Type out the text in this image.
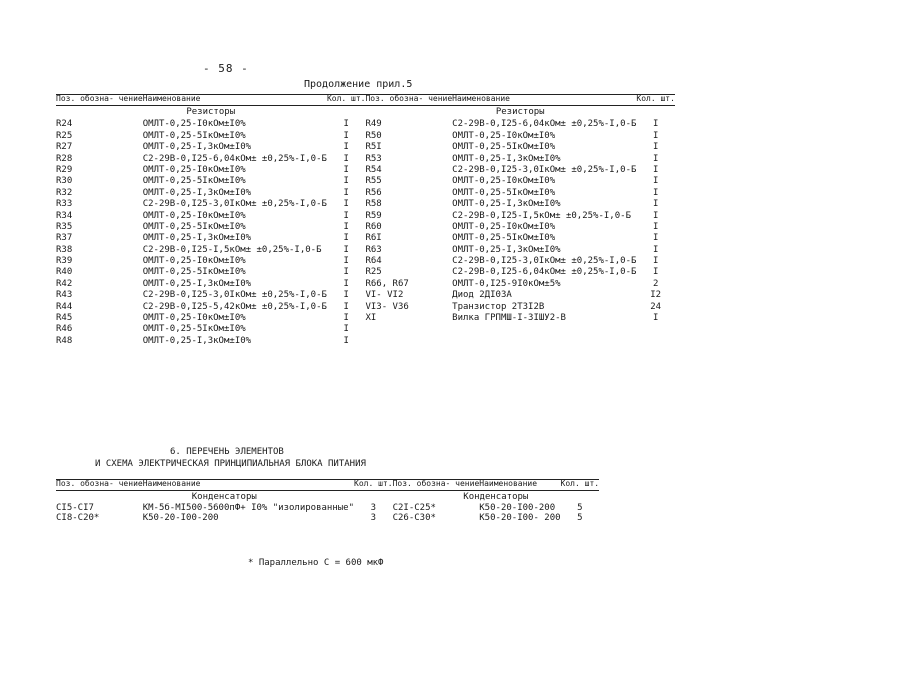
- 58 -
Продолжение прил.5
Поз. обозна- чение	Наименование	Кол. шт.	Поз. обозна- чение	Наименование	Кол. шт.
Резисторы			Резисторы		
R24	ОМЛТ-0,25-I0кОм±I0%	I	R49	С2-29В-0,I25-6,04кОм± ±0,25%-I,0-Б	I
R25	ОМЛТ-0,25-5IкОм±I0%	I	R50	ОМЛТ-0,25-I0кОм±I0%	I
R27	ОМЛТ-0,25-I,3кОм±I0%	I	R5I	ОМЛТ-0,25-5IкОм±I0%	I
R28	С2-29В-0,I25-6,04кОм± ±0,25%-I,0-Б	I	R53	ОМЛТ-0,25-I,3кОм±I0%	I
R29	ОМЛТ-0,25-I0кОм±I0%	I	R54	С2-29В-0,I25-3,0IкОм± ±0,25%-I,0-Б	I
R30	ОМЛТ-0,25-5IкОм±I0%	I	R55	ОМЛТ-0,25-I0кОм±I0%	I
R32	ОМЛТ-0,25-I,3кОм±I0%	I	R56	ОМЛТ-0,25-5IкОм±I0%	I
R33	С2-29В-0,I25-3,0IкОм± ±0,25%-I,0-Б	I	R58	ОМЛТ-0,25-I,3кОм±I0%	I
R34	ОМЛТ-0,25-I0кОм±I0%	I	R59	С2-29В-0,I25-I,5кОм± ±0,25%-I,0-Б	I
R35	ОМЛТ-0,25-5IкОм±I0%	I	R60	ОМЛТ-0,25-I0кОм±I0%	I
R37	ОМЛТ-0,25-I,3кОм±I0%	I	R6I	ОМЛТ-0,25-5IкОм±I0%	I
R38	С2-29В-0,I25-I,5кОм± ±0,25%-I,0-Б	I	R63	ОМЛТ-0,25-I,3кОм±I0%	I
R39	ОМЛТ-0,25-I0кОм±I0%	I	R64	С2-29В-0,I25-3,0IкОм± ±0,25%-I,0-Б	I
R40	ОМЛТ-0,25-5IкОм±I0%	I	R25	С2-29В-0,I25-6,04кОм± ±0,25%-I,0-Б	I
R42	ОМЛТ-0,25-I,3кОм±I0%	I	R66, R67	ОМЛТ-0,I25-9I0кОм±5%	2
R43	С2-29В-0,I25-3,0IкОм± ±0,25%-I,0-Б	I	VI- VI2	Диод 2ДI03А	I2
R44	С2-29В-0,I25-5,42кОм± ±0,25%-I,0-Б	I	VI3- V36	Транзистор 2Т3I2В	24
R45	ОМЛТ-0,25-I0кОм±I0%	I	XI	Вилка ГРПМШ-I-3IШУ2-В	I
R46	ОМЛТ-0,25-5IкОм±I0%	I			
R48	ОМЛТ-0,25-I,3кОм±I0%	I			
6. ПЕРЕЧЕНЬ ЭЛЕМЕНТОВ
И СХЕМА ЭЛЕКТРИЧЕСКАЯ ПРИНЦИПИАЛЬНАЯ БЛОКА ПИТАНИЯ
Поз. обозна- чение	Наименование	Кол. шт.	Поз. обозна- чение	Наименование	Кол. шт.
Конденсаторы			Конденсаторы		
CI5-CI7	КМ-5б-МI500-5600пФ+ I0% "изолированные"	3	C2I-C25*	К50-20-I00-200	5
CI8-C20*	К50-20-I00-200	3	C26-C30*	К50-20-I00- 200	5
* Параллельно С = 600 мкФ
